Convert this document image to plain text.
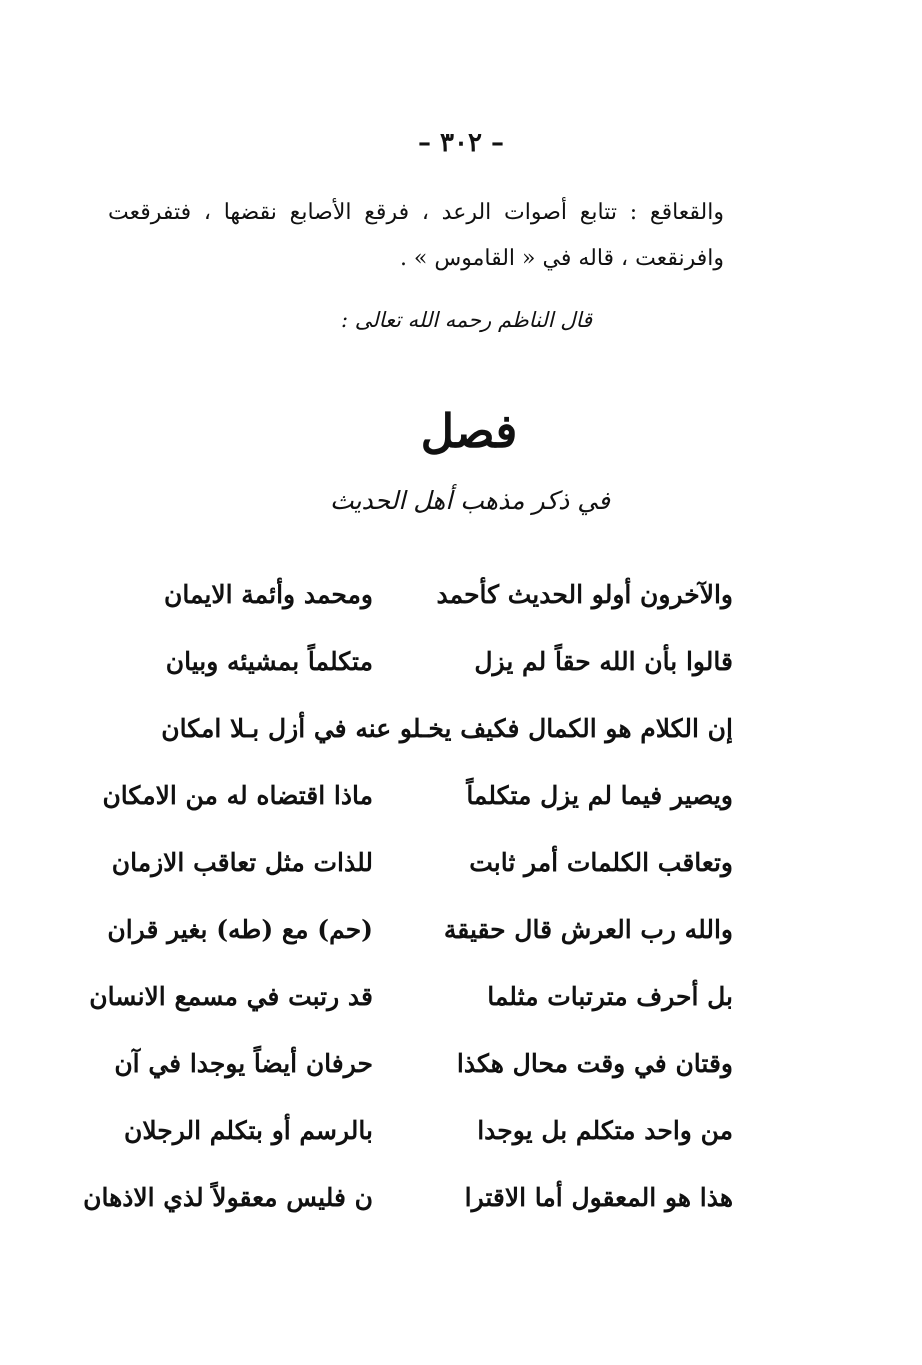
– ٣٠٢ –
والقعاقع : تتابع أصوات الرعد ، فرقع الأصابع نقضها ، فتفرقعت وافرنقعت ، قاله في « القاموس » .
قال الناظم رحمه الله تعالى :
فصل
في ذكر مذهب أهل الحديث
والآخرون أولو الحديث كأحمد
ومحمد وأئمة الايمان
قالوا بأن الله حقاً لم يزل
متكلماً بمشيئه وبيان
إن الكلام هو الكمال فكيف يخـلو عنه في أزل بـلا امكان
ويصير فيما لم يزل متكلماً
ماذا اقتضاه له من الامكان
وتعاقب الكلمات أمر ثابت
للذات مثل تعاقب الازمان
والله رب العرش قال حقيقة
(حم) مع (طه) بغير قران
بل أحرف مترتبات مثلما
قد رتبت في مسمع الانسان
وقتان في وقت محال هكذا
حرفان أيضاً يوجدا في آن
من واحد متكلم بل يوجدا
بالرسم أو بتكلم الرجلان
هذا هو المعقول أما الاقترا
ن فليس معقولاً لذي الاذهان
